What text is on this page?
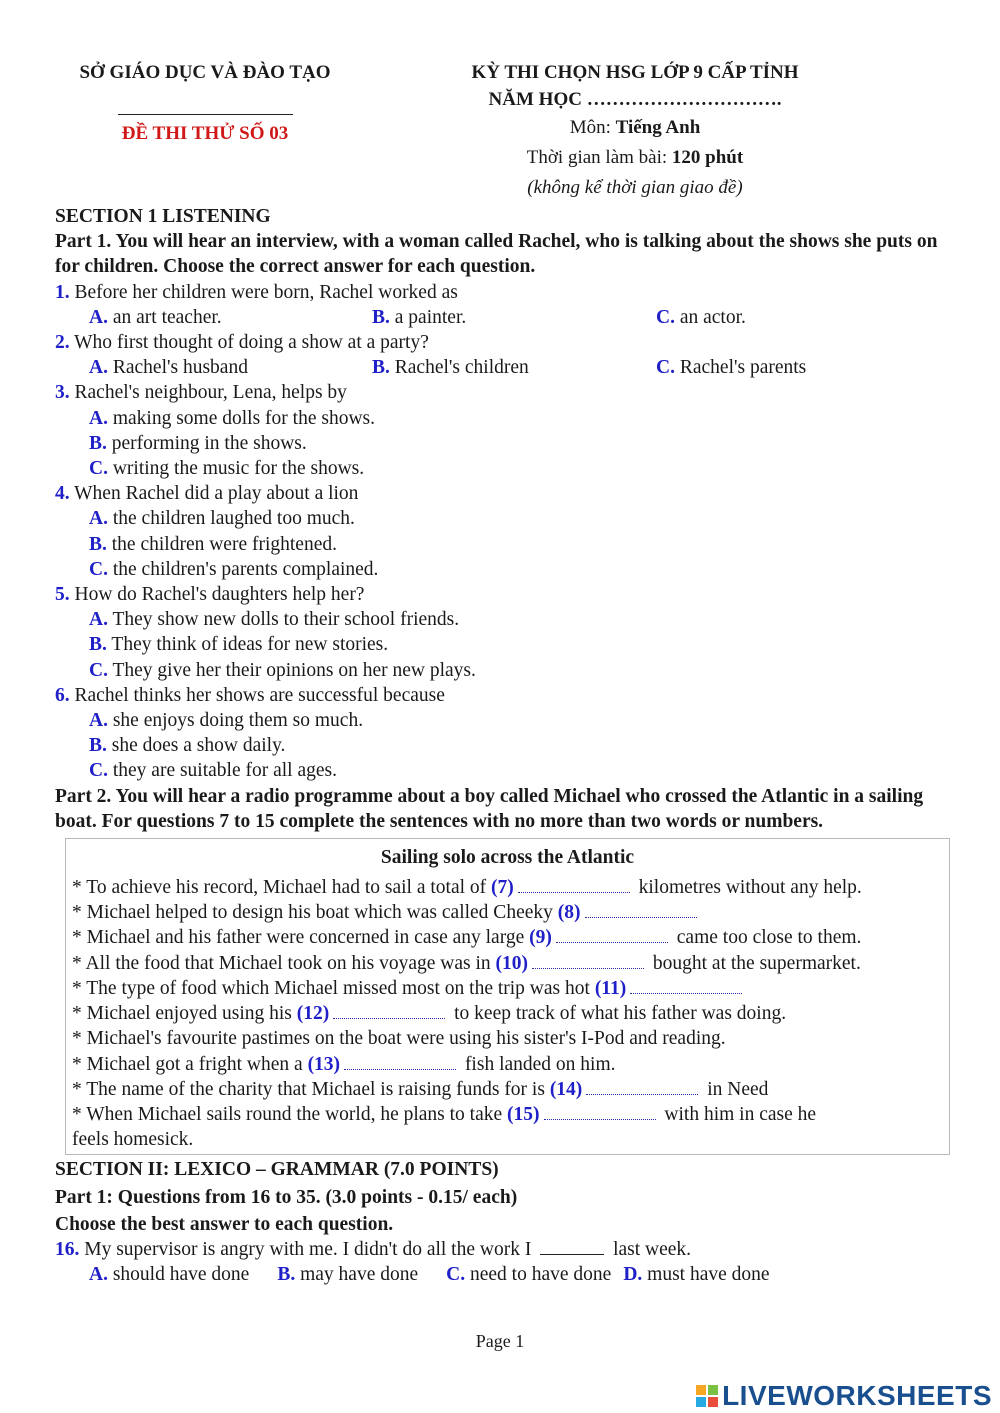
SỞ GIÁO DỤC VÀ ĐÀO TẠO
ĐỀ THI THỬ SỐ 03
KỲ THI CHỌN HSG LỚP 9 CẤP TỈNH
NĂM HỌC ………………………….
Môn: Tiếng Anh
Thời gian làm bài: 120 phút
(không kể thời gian giao đề)
SECTION 1 LISTENING
Part 1. You will hear an interview, with a woman called Rachel, who is talking about the shows she puts on for children. Choose the correct answer for each question.
1. Before her children were born, Rachel worked as
A. an art teacher.	B. a painter.	C. an actor.
2. Who first thought of doing a show at a party?
A. Rachel's husband	B. Rachel's children	C. Rachel's parents
3. Rachel's neighbour, Lena, helps by
A. making some dolls for the shows.
B. performing in the shows.
C. writing the music for the shows.
4. When Rachel did a play about a lion
A. the children laughed too much.
B. the children were frightened.
C. the children's parents complained.
5. How do Rachel's daughters help her?
A. They show new dolls to their school friends.
B. They think of ideas for new stories.
C. They give her their opinions on her new plays.
6. Rachel thinks her shows are successful because
A. she enjoys doing them so much.
B. she does a show daily.
C. they are suitable for all ages.
Part 2. You will hear a radio programme about a boy called Michael who crossed the Atlantic in a sailing boat. For questions 7 to 15 complete the sentences with no more than two words or numbers.
Sailing solo across the Atlantic
* To achieve his record, Michael had to sail a total of (7)	kilometres without any help.
* Michael helped to design his boat which was called Cheeky (8)
* Michael and his father were concerned in case any large (9)	came too close to them.
* All the food that Michael took on his voyage was in (10)	bought at the supermarket.
* The type of food which Michael missed most on the trip was hot (11)
* Michael enjoyed using his (12)	to keep track of what his father was doing.
* Michael's favourite pastimes on the boat were using his sister's I-Pod and reading.
* Michael got a fright when a (13)	fish landed on him.
* The name of the charity that Michael is raising funds for is (14)	in Need
* When Michael sails round the world, he plans to take (15)	with him in case he
feels homesick.
SECTION II: LEXICO – GRAMMAR (7.0 POINTS)
Part 1: Questions from 16 to 35. (3.0 points - 0.15/ each)
Choose the best answer to each question.
16. My supervisor is angry with me. I didn't do all the work I	last week.
A. should have done B. may have done C. need to have done D. must have done
Page 1
LIVEWORKSHEETS
